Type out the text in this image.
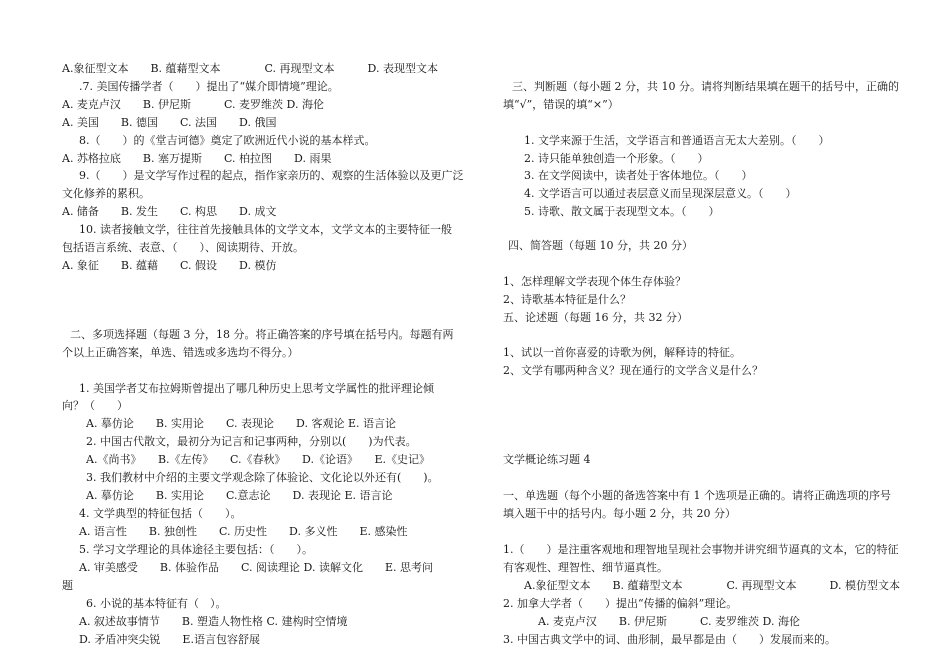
A.象征型文本　　B. 蕴藉型文本　　　　C. 再现型文本　　　D. 表现型文本
.7. 美国传播学者（　　）提出了“媒介即情境”理论。
A. 麦克卢汉　　B. 伊尼斯　　　C. 麦罗维茨 D. 海伦
A. 美国　　B. 德国　　C. 法国　　D. 俄国
8.（　　）的《堂吉诃德》奠定了欧洲近代小说的基本样式。
A. 苏格拉底　　B. 塞万提斯　　C. 柏拉图　　D. 雨果
9.（　　）是文学写作过程的起点，指作家亲历的、观察的生活体验以及更广泛
文化修养的累积。
A. 储备　　B. 发生　　C. 构思　　D. 成文
10. 读者接触文学，往往首先接触具体的文学文本，文学文本的主要特征一般
包括语言系统、表意、（　　）、阅读期待、开放。
A. 象征　　B. 蕴藉　　C. 假设　　D. 模仿
二、多项选择题（每题 3 分，18 分。将正确答案的序号填在括号内。每题有两
个以上正确答案，单选、错选或多选均不得分。）
1. 美国学者艾布拉姆斯曾提出了哪几种历史上思考文学属性的批评理论倾
向？（　　）
A. 摹仿论　　B. 实用论　　C. 表现论　　D. 客观论 E. 语言论
2. 中国古代散文，最初分为记言和记事两种，分别以(　　)为代表。
A.《尚书》　　B.《左传》　　C.《春秋》　　D.《论语》　　E.《史记》
3. 我们教材中介绍的主要文学观念除了体验论、文化论以外还有(　　)。
A. 摹仿论　　B. 实用论　　C.意志论　　D. 表现论 E. 语言论
4. 文学典型的特征包括（　　）。
A. 语言性　　B. 独创性　　C. 历史性　　D. 多义性　　E. 感染性
5. 学习文学理论的具体途径主要包括：（　　）。
A. 审美感受　　B. 体验作品　　C. 阅读理论 D. 读解文化　　E. 思考问
题
6. 小说的基本特征有（　）。
A. 叙述故事情节　　B. 塑造人物性格 C. 建构时空情境
D. 矛盾冲突尖锐　　E.语言包容舒展
三、判断题（每小题 2 分，共 10 分。请将判断结果填在题干的括号中，正确的
填“√”，错误的填“×”）
1. 文学来源于生活，文学语言和普通语言无太大差别。（　　）
2. 诗只能单独创造一个形象。（　　）
3. 在文学阅读中，读者处于客体地位。（　　）
4. 文学语言可以通过表层意义而呈现深层意义。（　　）
5. 诗歌、散文属于表现型文本。（　　）
四、简答题（每题 10 分，共 20 分）
1、怎样理解文学表现个体生存体验？
2、诗歌基本特征是什么？
五、论述题（每题 16 分，共 32 分）
1、试以一首你喜爱的诗歌为例，解释诗的特征。
2、文学有哪两种含义？现在通行的文学含义是什么？
文学概论练习题 4
一、单选题（每个小题的备选答案中有 1 个选项是正确的。请将正确选项的序号
填入题干中的括号内。每小题 2 分，共 20 分）
1.（　　）是注重客观地和理智地呈现社会事物并讲究细节逼真的文本，它的特征
有客观性、理智性、细节逼真性。
A.象征型文本　　B. 蕴藉型文本　　　　C. 再现型文本　　　D. 模仿型文本
2. 加拿大学者（　　）提出“传播的偏斜”理论。
A. 麦克卢汉　　B. 伊尼斯　　　C. 麦罗维茨 D. 海伦
3. 中国古典文学中的词、曲形制，最早都是由（　　）发展而来的。
